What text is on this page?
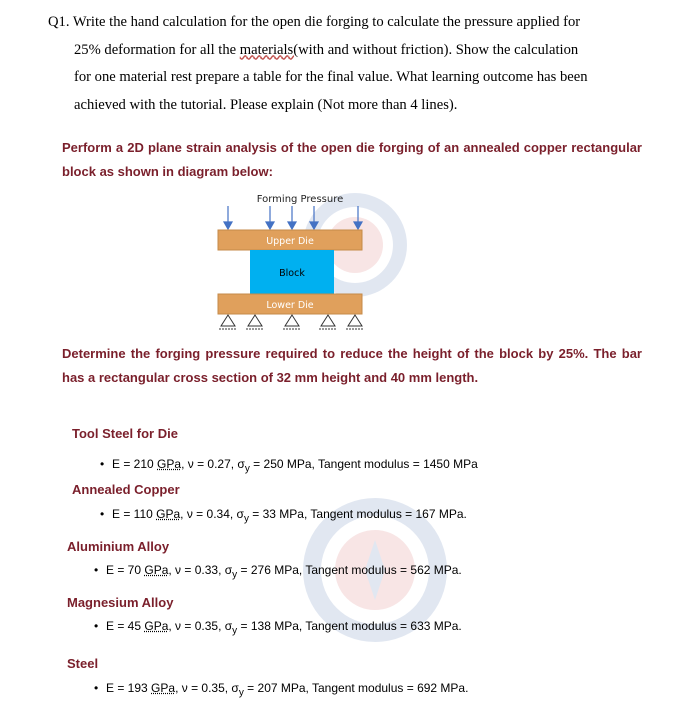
Q1. Write the hand calculation for the open die forging to calculate the pressure applied for
25% deformation for all the materials(with and without friction). Show the calculation
for one material rest prepare a table for the final value. What learning outcome has been
achieved with the tutorial. Please explain (Not more than 4 lines).
Perform a 2D plane strain analysis of the open die forging of an annealed copper rectangular block as shown in diagram below:
Forming Pressure
Upper Die
Block
Lower Die
Determine the forging pressure required to reduce the height of the block by 25%. The bar has a rectangular cross section of 32 mm height and 40 mm length.
Tool Steel for Die
• E = 210 GPa, ν = 0.27, $\sigma_y = 250$ MPa, Tangent modulus = 1450 MPa
Annealed Copper
• E = 110 GPa, ν = 0.34, $\sigma_y = 33$ MPa, Tangent modulus = 167 MPa.
Aluminium Alloy
• E = 70 GPa, ν = 0.33, $\sigma_y = 276$ MPa, Tangent modulus = 562 MPa.
Magnesium Alloy
• E = 45 GPa, ν = 0.35, $\sigma_y = 138$ MPa, Tangent modulus = 633 MPa.
Steel
• E = 193 GPa, ν = 0.35, $\sigma_y = 207$ MPa, Tangent modulus = 692 MPa.
